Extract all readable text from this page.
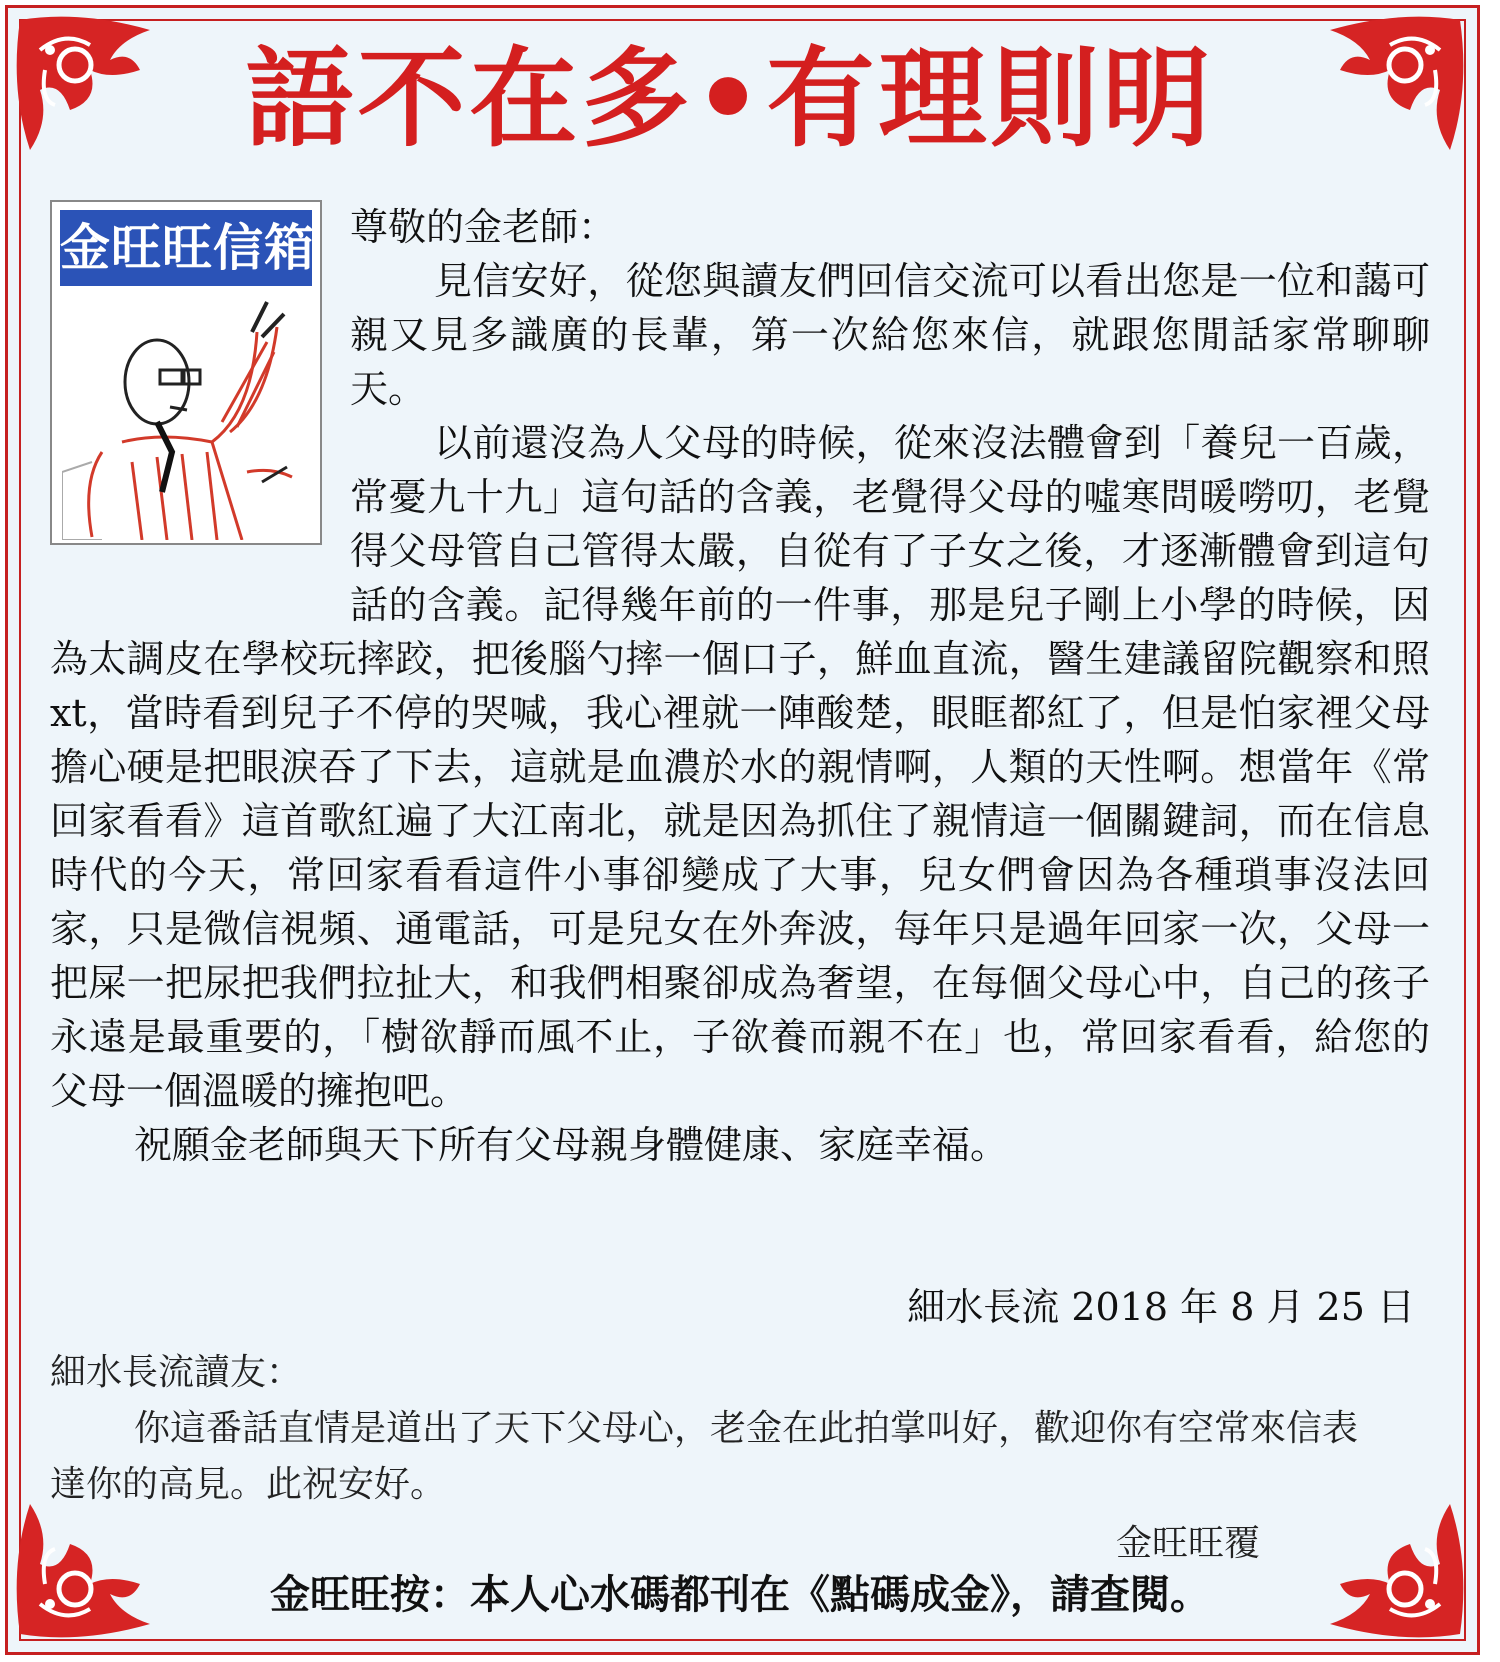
語不在多•有理則明

尊敬的金老師：

見信安好，從您與讀友們回信交流可以看出您是一位和藹可親又見多識廣的長輩，第一次給您來信，就跟您閒話家常聊聊天。

以前還沒為人父母的時候，從來沒法體會到「養兒一百歲，常憂九十九」這句話的含義，老覺得父母的噓寒問暖嘮叨，老覺得父母管自己管得太嚴，自從有了子女之後，才逐漸體會到這句話的含義。記得幾年前的一件事，那是兒子剛上小學的時候，因為太調皮在學校玩摔跤，把後腦勺摔一個口子，鮮血直流，醫生建議留院觀察和照 xt，當時看到兒子不停的哭喊，我心裡就一陣酸楚，眼眶都紅了，但是怕家裡父母擔心硬是把眼淚吞了下去，這就是血濃於水的親情啊，人類的天性啊。想當年《常回家看看》這首歌紅遍了大江南北，就是因為抓住了親情這一個關鍵詞，而在信息時代的今天，常回家看看這件小事卻變成了大事，兒女們會因為各種瑣事沒法回家，只是微信視頻、通電話，可是兒女在外奔波，每年只是過年回家一次，父母一把屎一把尿把我們拉扯大，和我們相聚卻成為奢望，在每個父母心中，自己的孩子永遠是最重要的，「樹欲靜而風不止，子欲養而親不在」也，常回家看看，給您的父母一個溫暖的擁抱吧。

祝願金老師與天下所有父母親身體健康、家庭幸福。

金旺旺信箱
細水長流 2018 年 8 月 25 日

細水長流讀友：

你這番話直情是道出了天下父母心，老金在此拍掌叫好，歡迎你有空常來信表達你的高見。此祝安好。

金旺旺覆
金旺旺按：本人心水碼都刊在《點碼成金》，請查閱。
